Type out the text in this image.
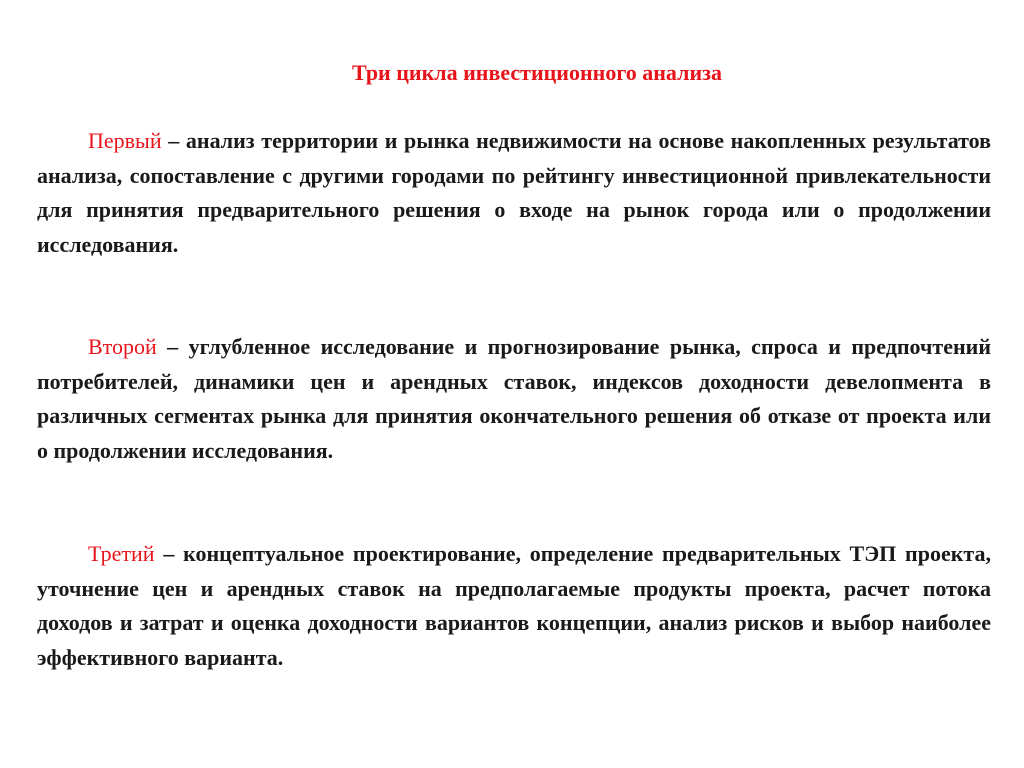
Три цикла инвестиционного анализа

Первый – анализ территории и рынка недвижимости на основе накопленных результатов анализа, сопоставление с другими городами по рейтингу инвестиционной привлекательности для принятия предварительного решения о входе на рынок города или о продолжении исследования.

Второй – углубленное исследование и прогнозирование рынка, спроса и предпочтений потребителей, динамики цен и арендных ставок, индексов доходности девелопмента в различных сегментах рынка для принятия окончательного решения об отказе от проекта или о продолжении исследования.

Третий – концептуальное проектирование, определение предварительных ТЭП проекта, уточнение цен и арендных ставок на предполагаемые продукты проекта, расчет потока доходов и затрат и оценка доходности вариантов концепции, анализ рисков и выбор наиболее эффективного варианта.
